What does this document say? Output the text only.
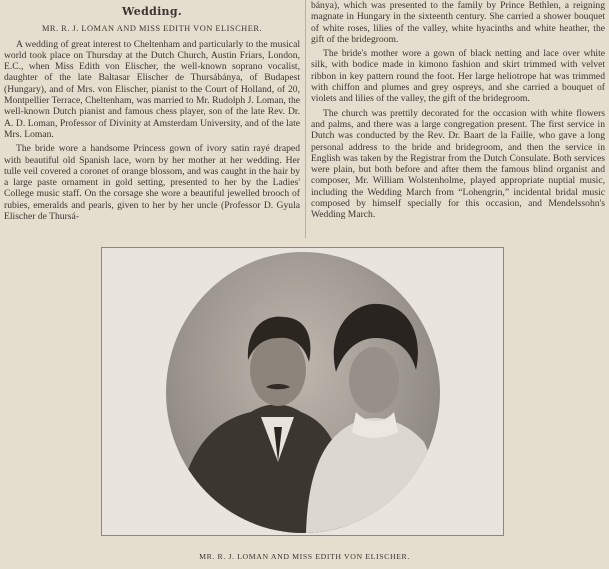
Wedding.
MR. R. J. LOMAN AND MISS EDITH VON ELISCHER.

A wedding of great interest to Cheltenham and particularly to the musical world took place on Thursday at the Dutch Church, Austin Friars, London, E.C., when Miss Edith von Elischer, the well-known soprano vocalist, daughter of the late Baltasar Elischer de Thursábánya, of Budapest (Hungary), and of Mrs. von Elischer, pianist to the Court of Holland, of 20, Montpellier Terrace, Cheltenham, was married to Mr. Rudolph J. Loman, the well-known Dutch pianist and famous chess player, son of the late Rev. Dr. A. D. Loman, Professor of Divinity at Amsterdam University, and of the late Mrs. Loman.

The bride wore a handsome Princess gown of ivory satin rayé draped with beautiful old Spanish lace, worn by her mother at her wedding. Her tulle veil covered a coronet of orange blossom, and was caught in the hair by a large paste ornament in gold setting, presented to her by the Ladies' College music staff. On the corsage she wore a beautiful jewelled brooch of rubies, emeralds and pearls, given to her by her uncle (Professor D. Gyula Elischer de Thursá-

bánya), which was presented to the family by Prince Bethlen, a reigning magnate in Hungary in the sixteenth century. She carried a shower bouquet of white roses, lilies of the valley, white hyacinths and white heather, the gift of the bridegroom.

The bride's mother wore a gown of black netting and lace over white silk, with bodice made in kimono fashion and skirt trimmed with velvet ribbon in key pattern round the foot. Her large heliotrope hat was trimmed with chiffon and plumes and grey ospreys, and she carried a bouquet of violets and lilies of the valley, the gift of the bridegroom.

The church was prettily decorated for the occasion with white flowers and palms, and there was a large congregation present. The first service in Dutch was conducted by the Rev. Dr. Baart de la Faille, who gave a long personal address to the bride and bridegroom, and then the service in English was taken by the Registrar from the Dutch Consulate. Both services were plain, but both before and after them the famous blind organist and composer, Mr. William Wolstenholme, played appropriate nuptial music, including the Wedding March from “Lohengrin,” incidental bridal music composed by himself specially for this occasion, and Mendelssohn's Wedding March.

MR. R. J. LOMAN AND MISS EDITH VON ELISCHER.
